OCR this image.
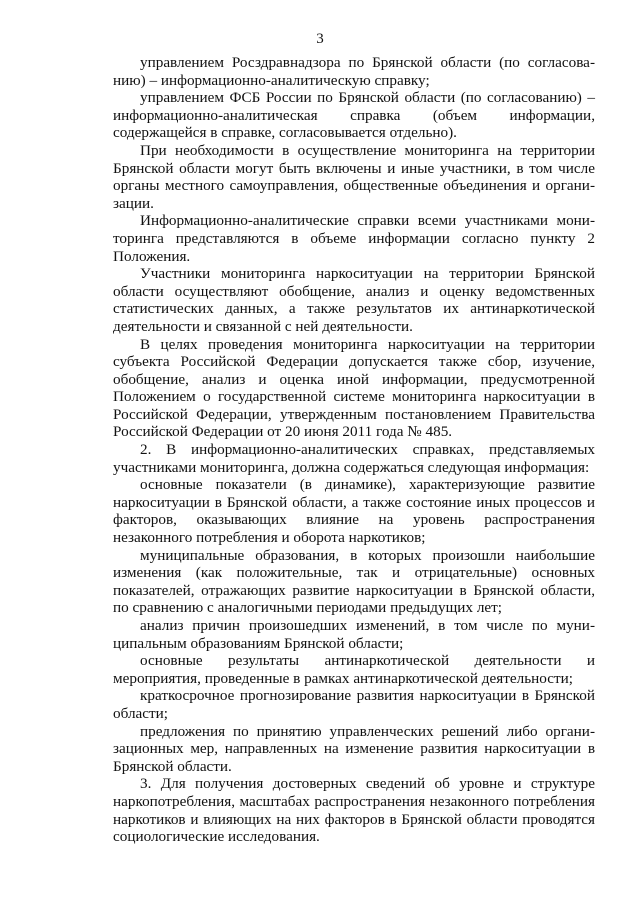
3

управлением Росздравнадзора по Брянской области (по согласованию) – информационно-аналитическую справку;

управлением ФСБ России по Брянской области (по согласованию) – информационно-аналитическая справка (объем информации, содержащейся в справке, согласовывается отдельно).

При необходимости в осуществление мониторинга на территории Брянской области могут быть включены и иные участники, в том числе органы местного самоуправления, общественные объединения и организации.

Информационно-аналитические справки всеми участниками мониторинга представляются в объеме информации согласно пункту 2 Положения.

Участники мониторинга наркоситуации на территории Брянской области осуществляют обобщение, анализ и оценку ведомственных статистических данных, а также результатов их антинаркотической деятельности и связанной с ней деятельности.

В целях проведения мониторинга наркоситуации на территории субъекта Российской Федерации допускается также сбор, изучение, обобщение, анализ и оценка иной информации, предусмотренной Положением о государственной системе мониторинга наркоситуации в Российской Федерации, утвержденным постановлением Правительства Российской Федерации от 20 июня 2011 года № 485.

2. В информационно-аналитических справках, представляемых участниками мониторинга, должна содержаться следующая информация:

основные показатели (в динамике), характеризующие развитие наркоситуации в Брянской области, а также состояние иных процессов и факторов, оказывающих влияние на уровень распространения незаконного потребления и оборота наркотиков;

муниципальные образования, в которых произошли наибольшие изменения (как положительные, так и отрицательные) основных показателей, отражающих развитие наркоситуации в Брянской области, по сравнению с аналогичными периодами предыдущих лет;

анализ причин произошедших изменений, в том числе по муниципальным образованиям Брянской области;

основные результаты антинаркотической деятельности и мероприятия, проведенные в рамках антинаркотической деятельности;

краткосрочное прогнозирование развития наркоситуации в Брянской области;

предложения по принятию управленческих решений либо организационных мер, направленных на изменение развития наркоситуации в Брянской области.

3. Для получения достоверных сведений об уровне и структуре наркопотребления, масштабах распространения незаконного потребления наркотиков и влияющих на них факторов в Брянской области проводятся социологические исследования.
